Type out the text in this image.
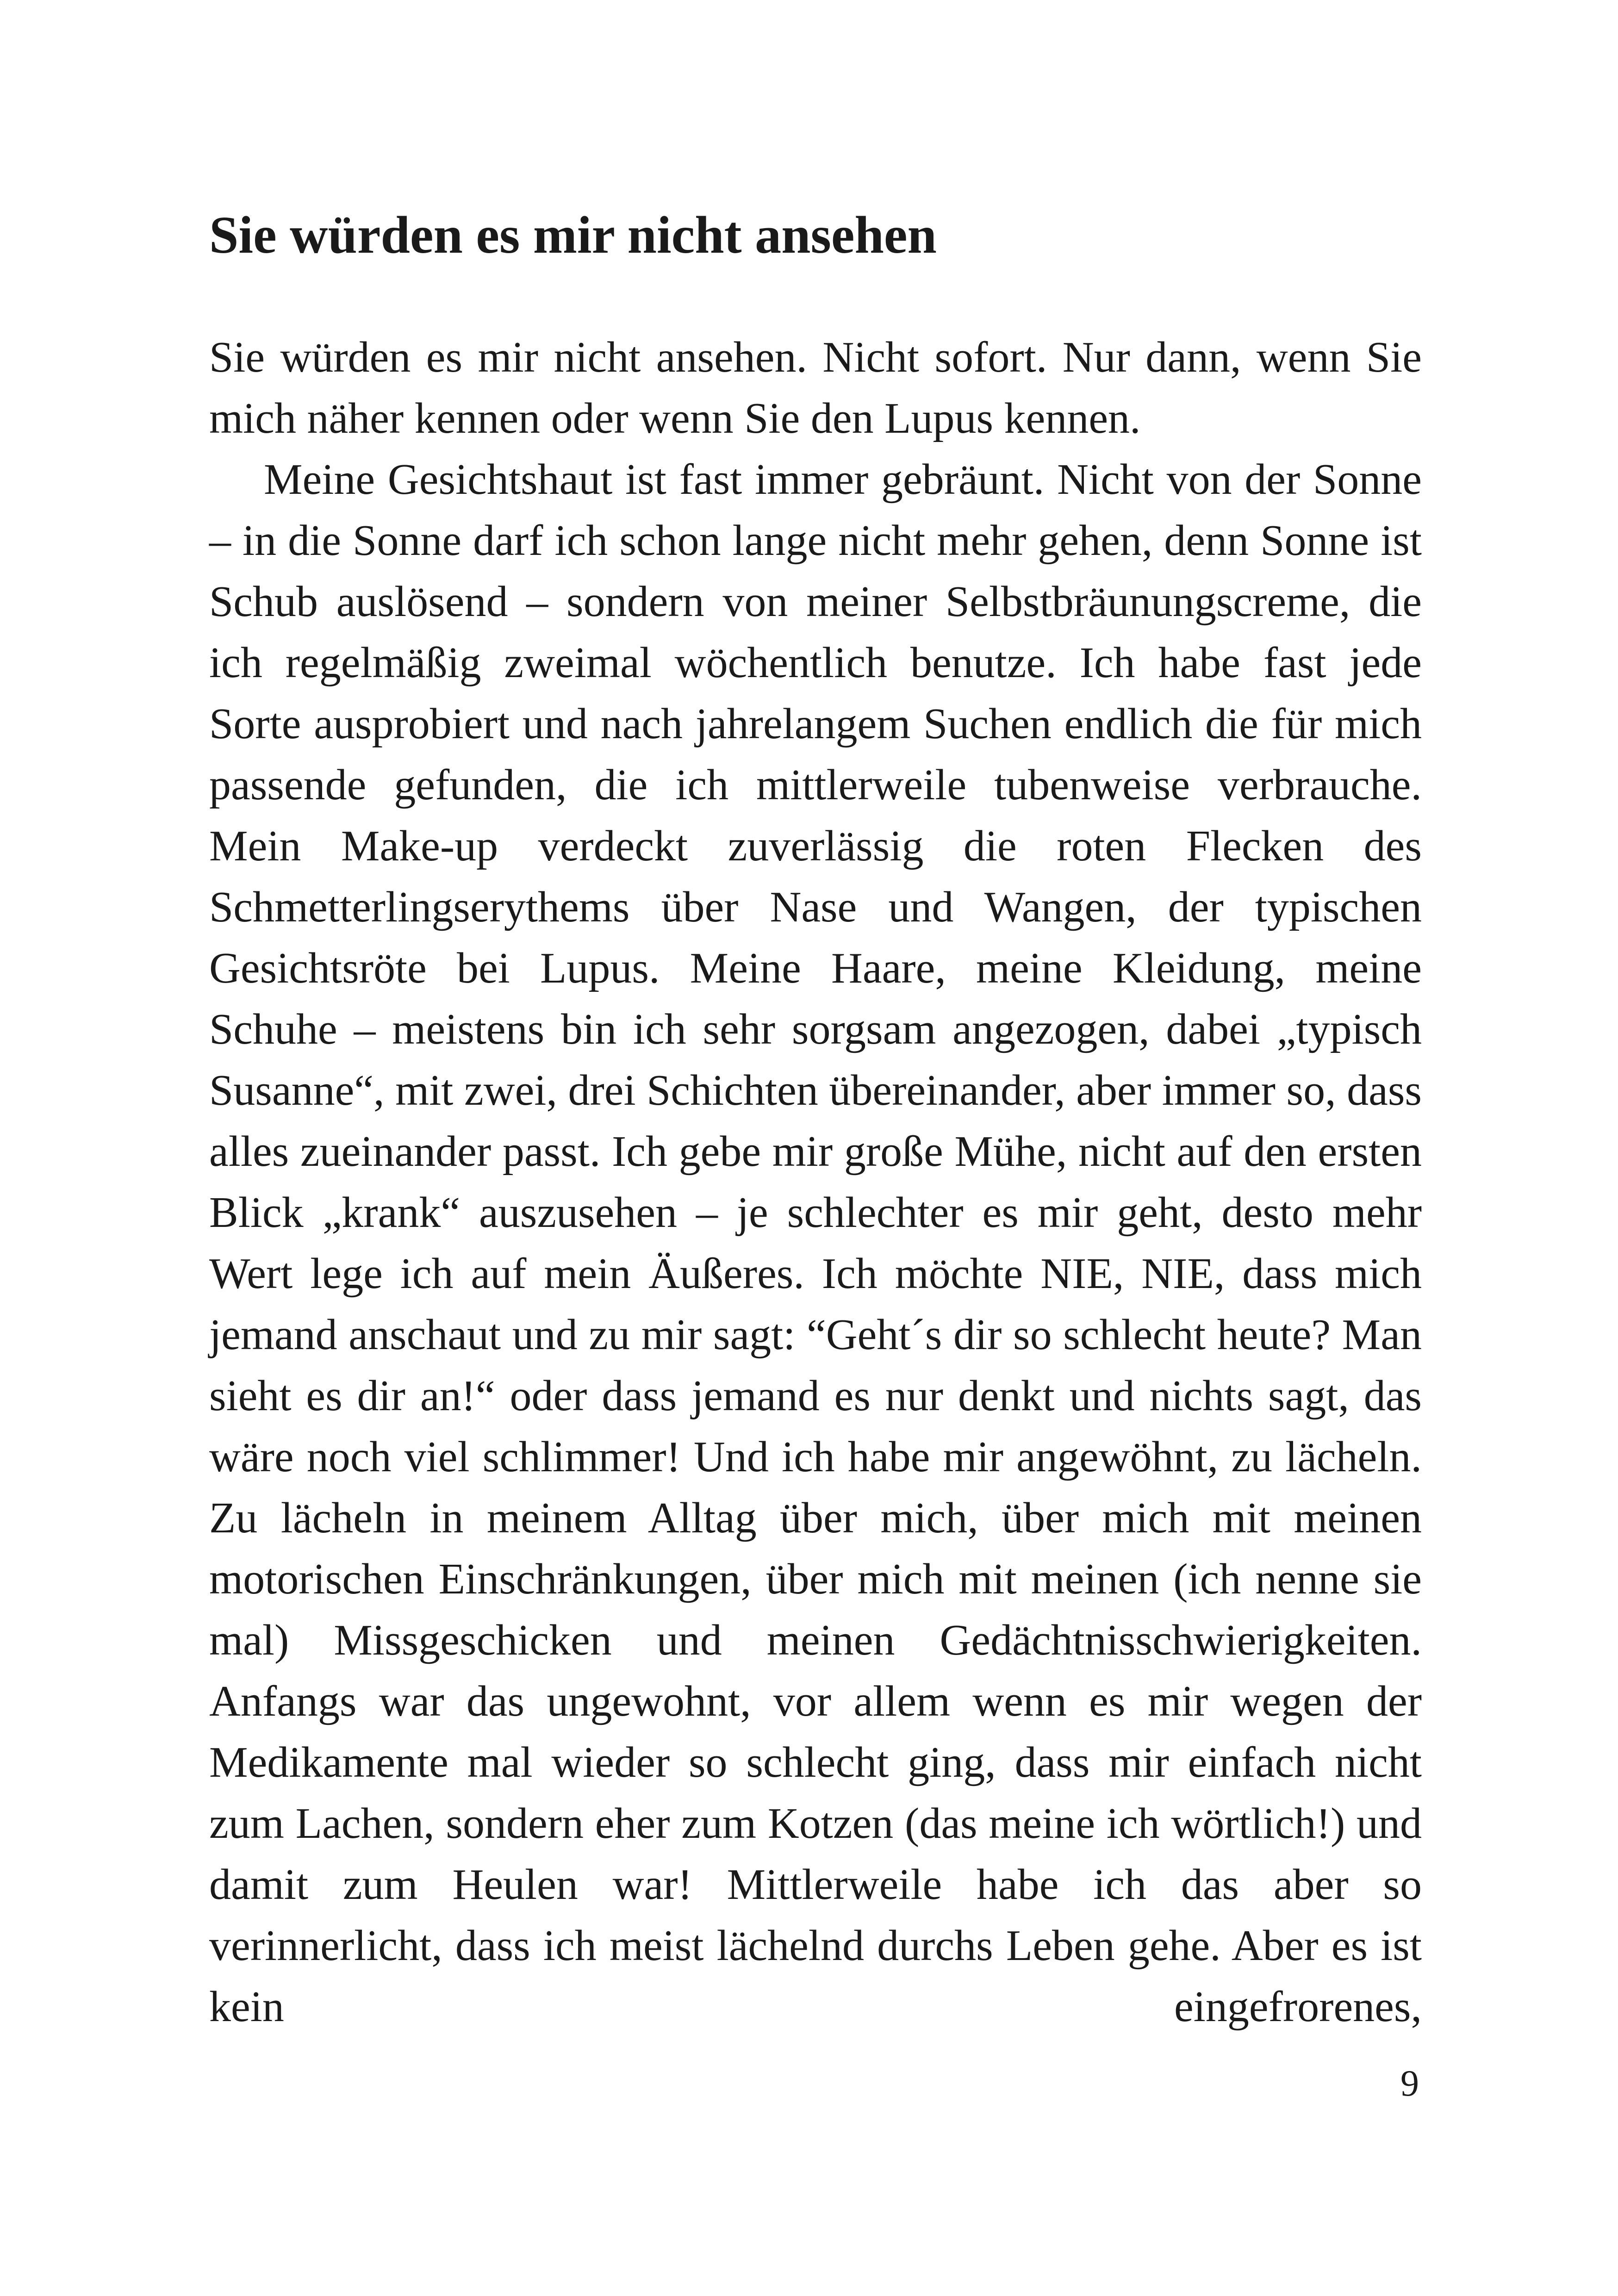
Sie würden es mir nicht ansehen

Sie würden es mir nicht ansehen. Nicht sofort. Nur dann, wenn Sie mich näher kennen oder wenn Sie den Lupus kennen.

Meine Gesichtshaut ist fast immer gebräunt. Nicht von der Sonne – in die Sonne darf ich schon lange nicht mehr gehen, denn Sonne ist Schub auslösend – sondern von meiner Selbstbräunungscreme, die ich regelmäßig zweimal wöchentlich benutze. Ich habe fast jede Sorte ausprobiert und nach jahrelangem Suchen endlich die für mich passende gefunden, die ich mittlerweile tubenweise verbrauche. Mein Make-up verdeckt zuverlässig die roten Flecken des Schmetterlingserythems über Nase und Wangen, der typischen Gesichtsröte bei Lupus. Meine Haare, meine Kleidung, meine Schuhe – meistens bin ich sehr sorgsam angezogen, dabei „typisch Susanne“, mit zwei, drei Schichten übereinander, aber immer so, dass alles zueinander passt. Ich gebe mir große Mühe, nicht auf den ersten Blick „krank“ auszusehen – je schlechter es mir geht, desto mehr Wert lege ich auf mein Äußeres. Ich möchte NIE, NIE, dass mich jemand anschaut und zu mir sagt: “Geht´s dir so schlecht heute? Man sieht es dir an!“ oder dass jemand es nur denkt und nichts sagt, das wäre noch viel schlimmer! Und ich habe mir angewöhnt, zu lächeln. Zu lächeln in meinem Alltag über mich, über mich mit meinen motorischen Einschränkungen, über mich mit meinen (ich nenne sie mal) Missgeschicken und meinen Gedächtnisschwierigkeiten. Anfangs war das ungewohnt, vor allem wenn es mir wegen der Medikamente mal wieder so schlecht ging, dass mir einfach nicht zum Lachen, sondern eher zum Kotzen (das meine ich wörtlich!) und damit zum Heulen war! Mittlerweile habe ich das aber so verinnerlicht, dass ich meist lächelnd durchs Leben gehe. Aber es ist kein eingefrorenes,

9
